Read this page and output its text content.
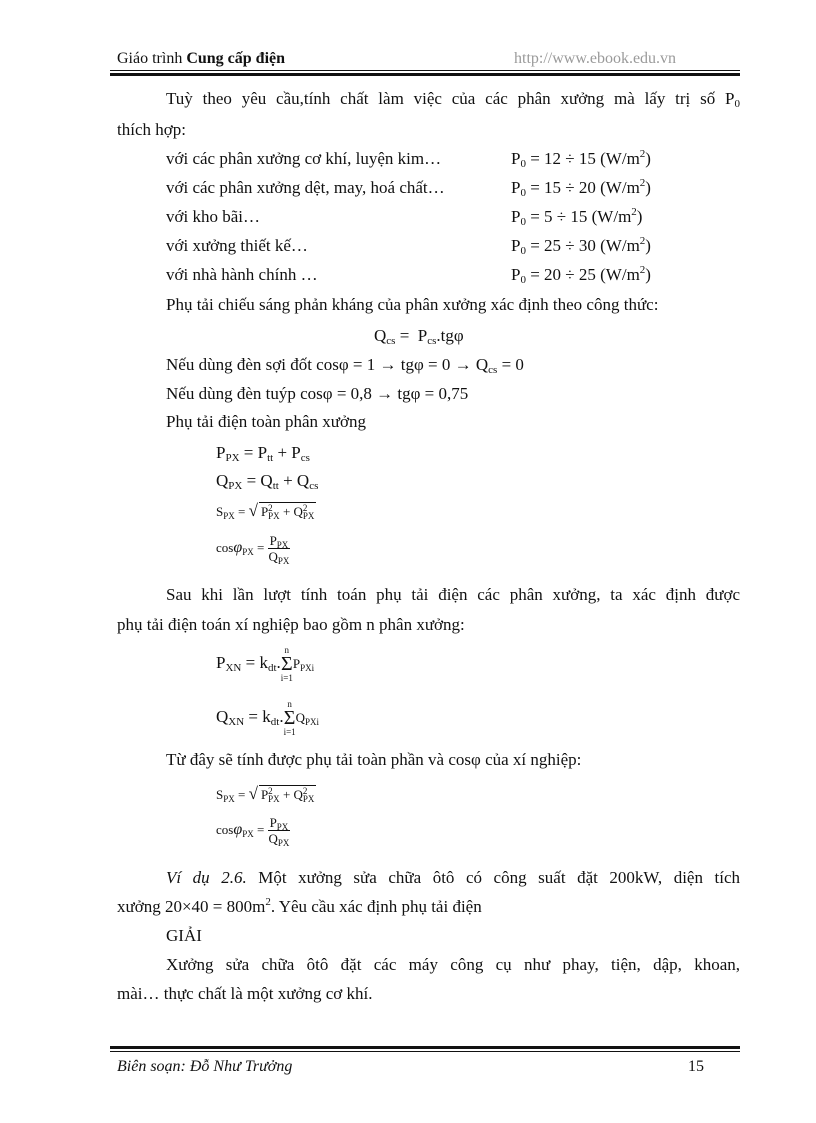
Giáo trình Cung cấp điện	http://www.ebook.edu.vn
Tuỳ theo yêu cầu,tính chất làm việc của các phân xưởng mà lấy trị số $P_0$
thích hợp:
với các phân xưởng cơ khí, luyện kim…	$P_0 = 12 \div 15$ $(W/m^2)$
với các phân xưởng dệt, may, hoá chất…	$P_0 = 15 \div 20$ $(W/m^2)$
với kho bãi…	$P_0 = 5 \div 15$ $(W/m^2)$
với xưởng thiết kế…	$P_0 = 25 \div 30$ $(W/m^2)$
với nhà hành chính …	$P_0 = 20 \div 25$ $(W/m^2)$
Phụ tải chiếu sáng phản kháng của phân xưởng xác định theo công thức:
$Q_{cs} = P_{cs}.tg\varphi$
Nếu dùng đèn sợi đốt $\cos\varphi = 1 \to tg\varphi = 0 \to Q_{cs} = 0$
Nếu dùng đèn tuýp cosφ = 0,8 → tgφ = 0,75
Phụ tải điện toàn phân xưởng
$P_{PX} = P_{tt} + P_{cs}$
$Q_{PX} = Q_{tt} + Q_{cs}$
$S_{PX}$ = √ P 2
PX + Q 2
PX
$\cos\varphi_{PX} = \frac{P_{PX}}{Q_{PX}}$
Sau khi lần lượt tính toán phụ tải điện các phân xưởng, ta xác định được
phụ tải điện toán xí nghiệp bao gồm n phân xưởng:
$P_{XN} = k_{dt}$.
n
Σ
i=1
$P_{PXi}$
$Q_{XN} = k_{dt}$.
n
Σ
i=1
$Q_{PXi}$
Từ đây sẽ tính được phụ tải toàn phần và cosφ của xí nghiệp:
$S_{PX}$ = √ P 2
PX + Q 2
PX
$\cos\varphi_{PX} = \frac{P_{PX}}{Q_{PX}}$
Ví dụ 2.6. Một xưởng sửa chữa ôtô có công suất đặt 200kW, diện tích
xưởng $20\times 40 = 800m^2$. Yêu cầu xác định phụ tải điện
GIẢI
Xưởng sửa chữa ôtô đặt các máy công cụ như phay, tiện, dập, khoan,
mài… thực chất là một xưởng cơ khí.
Biên soạn: Đỗ Như Trưởng	15
